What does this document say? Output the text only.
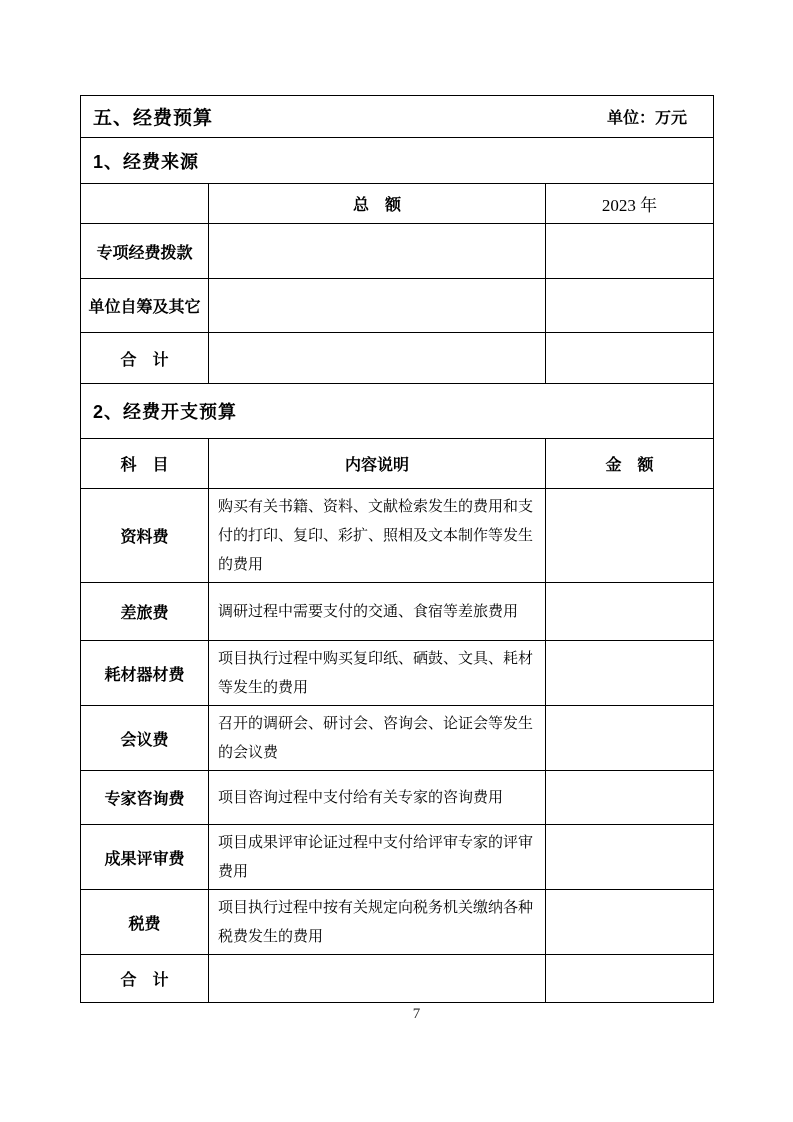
五、经费预算 单位：万元		

1、经费来源		
	总　额	2023 年
专项经费拨款		
单位自筹及其它		
合　计		
2、经费开支预算		
科　目	内容说明	金　额
资料费	购买有关书籍、资料、文献检索发生的费用和支付的打印、复印、彩扩、照相及文本制作等发生的费用	
差旅费	调研过程中需要支付的交通、食宿等差旅费用	
耗材器材费	项目执行过程中购买复印纸、硒鼓、文具、耗材等发生的费用	
会议费	召开的调研会、研讨会、咨询会、论证会等发生的会议费	
专家咨询费	项目咨询过程中支付给有关专家的咨询费用	
成果评审费	项目成果评审论证过程中支付给评审专家的评审费用	
税费	项目执行过程中按有关规定向税务机关缴纳各种税费发生的费用	
合　计		
7
